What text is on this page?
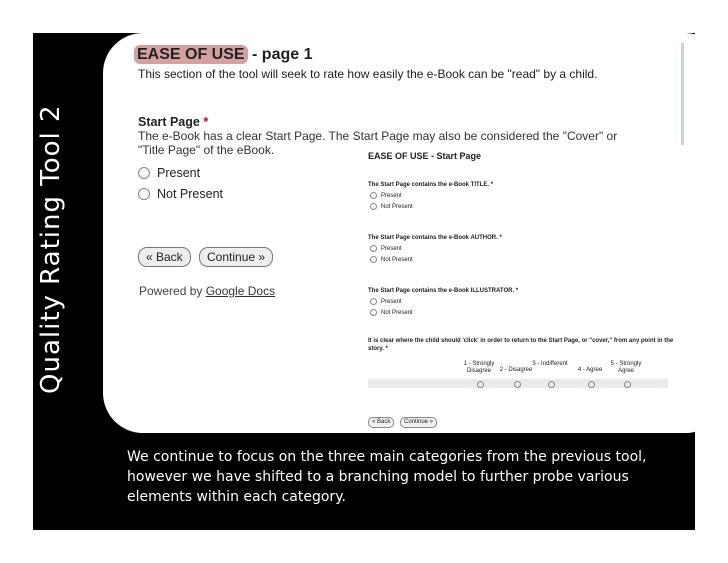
Quality Rating Tool 2
EASE OF USE - page 1
This section of the tool will seek to rate how easily the e-Book can be "read" by a child.
Start Page *
The e-Book has a clear Start Page. The Start Page may also be considered the "Cover" or "Title Page" of the eBook.
Present
Not Present
« Back	Continue »
Powered by Google Docs
EASE OF USE - Start Page
The Start Page contains the e-Book TITLE. *
Present
Not Present
The Start Page contains the e-Book AUTHOR. *
Present
Not Present
The Start Page contains the e-Book ILLUSTRATOR. *
Present
Not Present
It is clear where the child should 'click' in order to return to the Start Page, or "cover," from any point in the story. *
1 - Strongly Disagree	2 - Disagree
3 - Indifferent
4 - Agree
5 - Strongly Agree
« Back	Continue »
We continue to focus on the three main categories from the previous tool, however we have shifted to a branching model to further probe various elements within each category.
